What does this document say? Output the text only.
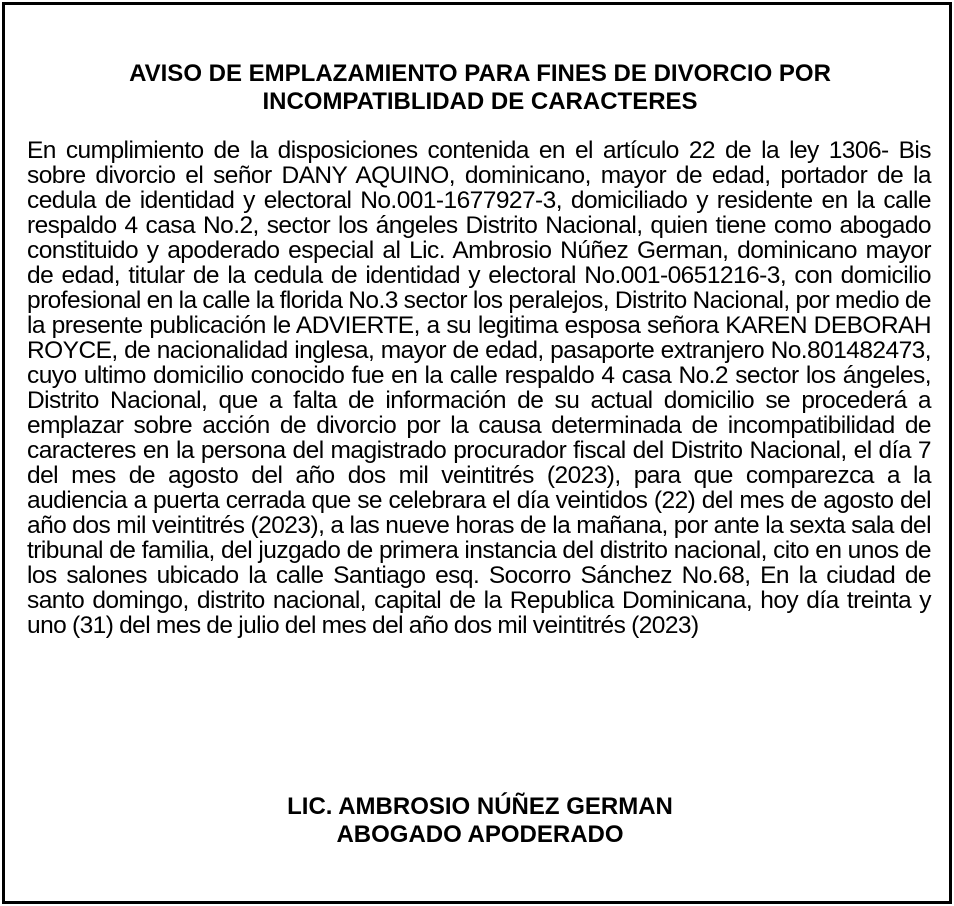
AVISO DE EMPLAZAMIENTO PARA FINES DE DIVORCIO POR
INCOMPATIBLIDAD DE CARACTERES

En cumplimiento de la disposiciones contenida en el artículo 22 de la ley 1306- Bis sobre divorcio el señor DANY AQUINO, dominicano, mayor de edad, portador de la cedula de identidad y electoral No.001-1677927-3, domiciliado y residente en la calle respaldo 4 casa No.2, sector los ángeles Distrito Nacional, quien tiene como abogado constituido y apoderado especial al Lic. Ambrosio Núñez German, dominicano mayor de edad, titular de la cedula de identidad y electoral No.001-0651216-3, con domicilio profesional en la calle la florida No.3 sector los peralejos, Distrito Nacional, por medio de la presente publicación le ADVIERTE, a su legitima esposa señora KAREN DEBORAH ROYCE, de nacionalidad inglesa, mayor de edad, pasaporte extranjero No.801482473, cuyo ultimo domicilio conocido fue en la calle respaldo 4 casa No.2 sector los ángeles, Distrito Nacional, que a falta de información de su actual domicilio se procederá a emplazar sobre acción de divorcio por la causa determinada de incompatibilidad de caracteres en la persona del magistrado procurador fiscal del Distrito Nacional, el día 7 del mes de agosto del año dos mil veintitrés (2023), para que comparezca a la audiencia a puerta cerrada que se celebrara el día veintidos (22) del mes de agosto del año dos mil veintitrés (2023), a las nueve horas de la mañana, por ante la sexta sala del tribunal de familia, del juzgado de primera instancia del distrito nacional, cito en unos de los salones ubicado la calle Santiago esq. Socorro Sánchez No.68, En la ciudad de santo domingo, distrito nacional, capital de la Republica Dominicana, hoy día treinta y uno (31) del mes de julio del mes del año dos mil veintitrés (2023)

LIC. AMBROSIO NÚÑEZ GERMAN
ABOGADO APODERADO
